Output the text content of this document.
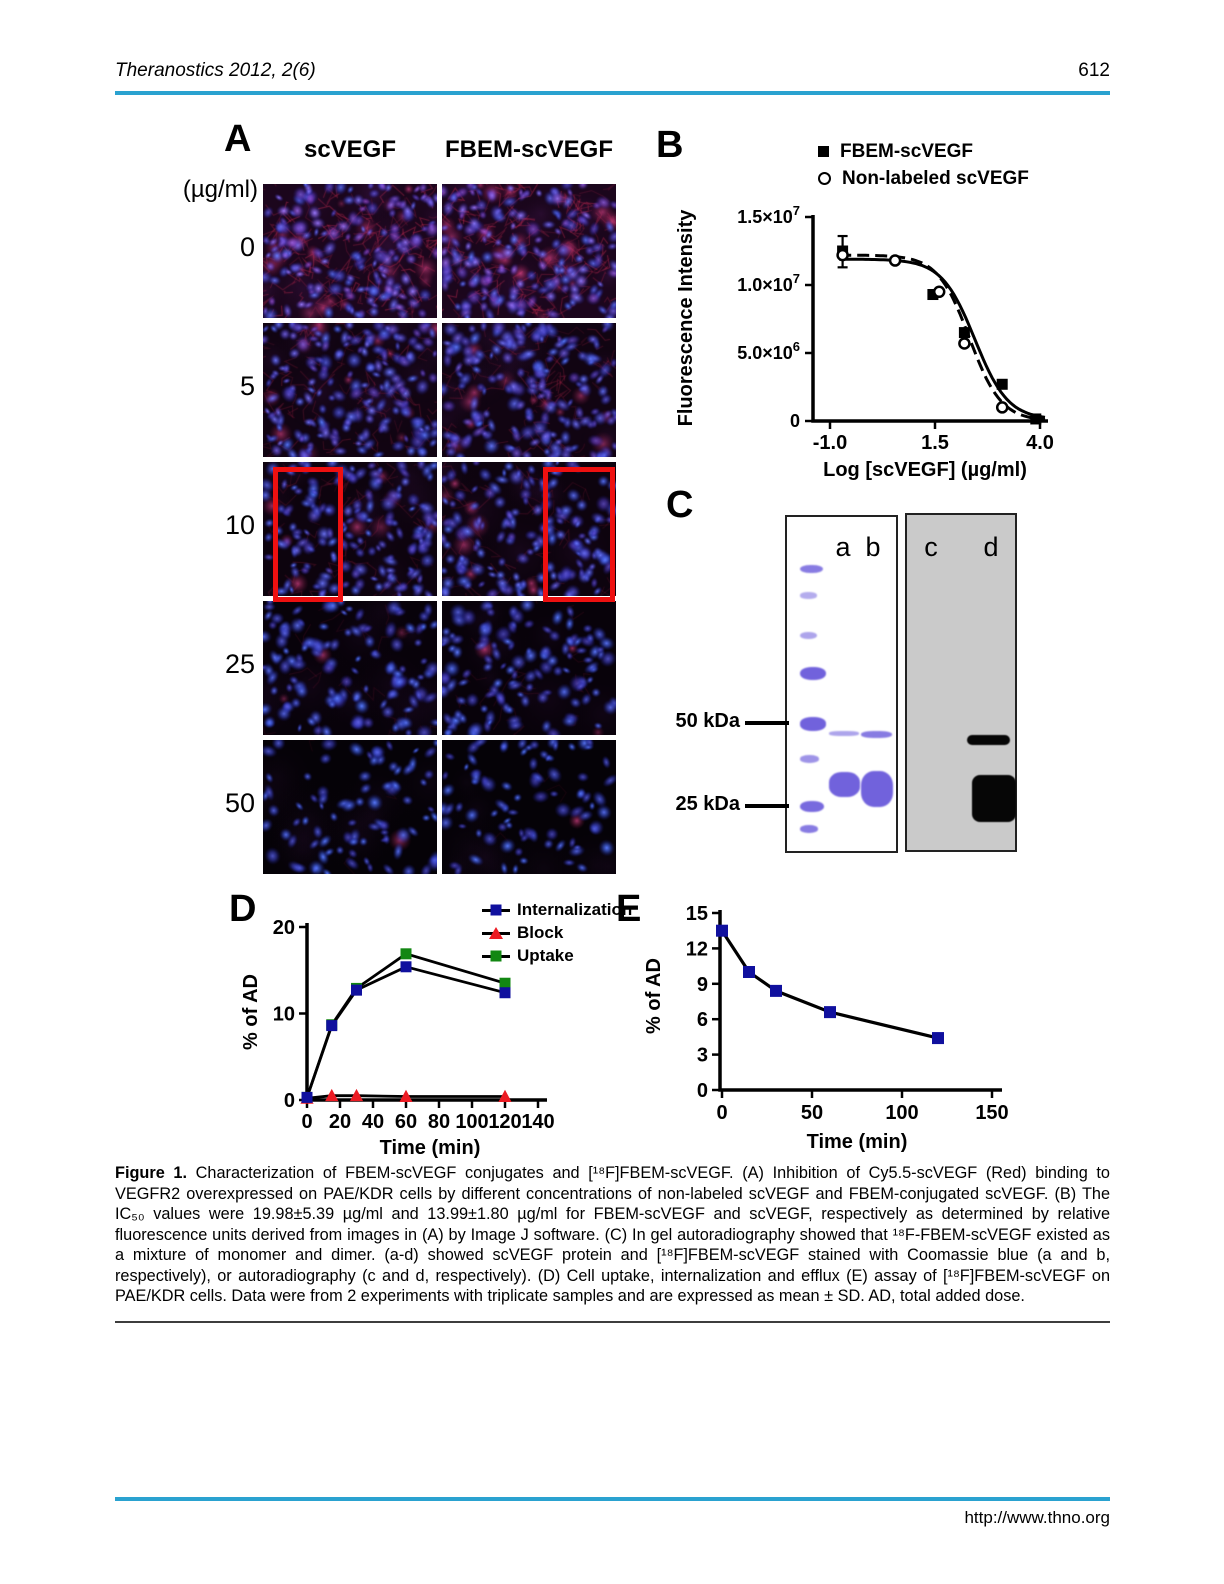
Theranostics 2012, 2(6)	612
A	scVEGF	FBEM-scVEGF
(µg/ml)
0
5
10
25
50
B	FBEM-scVEGF
Non-labeled scVEGF
0
$5.0\times 10^6$
$1.0\times 10^7$
$1.5\times 10^7$
-1.0	1.5	4.0
Log [scVEGF] (µg/ml)
Fluorescence Intensity
C
a b c d
50 kDa
25 kDa
D	Internalization
Block
Uptake
0
10
20
0 20 40 60 80 100 120 140
Time (min)
% of AD
E
0
3
6
9
12
15
0	50	100	150
Time (min)
% of AD
Figure 1. Characterization of FBEM-scVEGF conjugates and [¹⁸F]FBEM-scVEGF. (A) Inhibition of Cy5.5-scVEGF (Red) binding to VEGFR2 overexpressed on PAE/KDR cells by different concentrations of non-labeled scVEGF and FBEM-conjugated scVEGF. (B) The IC₅₀ values were 19.98±5.39 µg/ml and 13.99±1.80 µg/ml for FBEM-scVEGF and scVEGF, respectively as determined by relative fluorescence units derived from images in (A) by Image J software. (C) In gel autoradiography showed that ¹⁸F-FBEM-scVEGF existed as a mixture of monomer and dimer. (a-d) showed scVEGF protein and [¹⁸F]FBEM-scVEGF stained with Coomassie blue (a and b, respectively), or autoradiography (c and d, respectively). (D) Cell uptake, internalization and efflux (E) assay of [¹⁸F]FBEM-scVEGF on PAE/KDR cells. Data were from 2 experiments with triplicate samples and are expressed as mean ± SD. AD, total added dose.
http://www.thno.org
